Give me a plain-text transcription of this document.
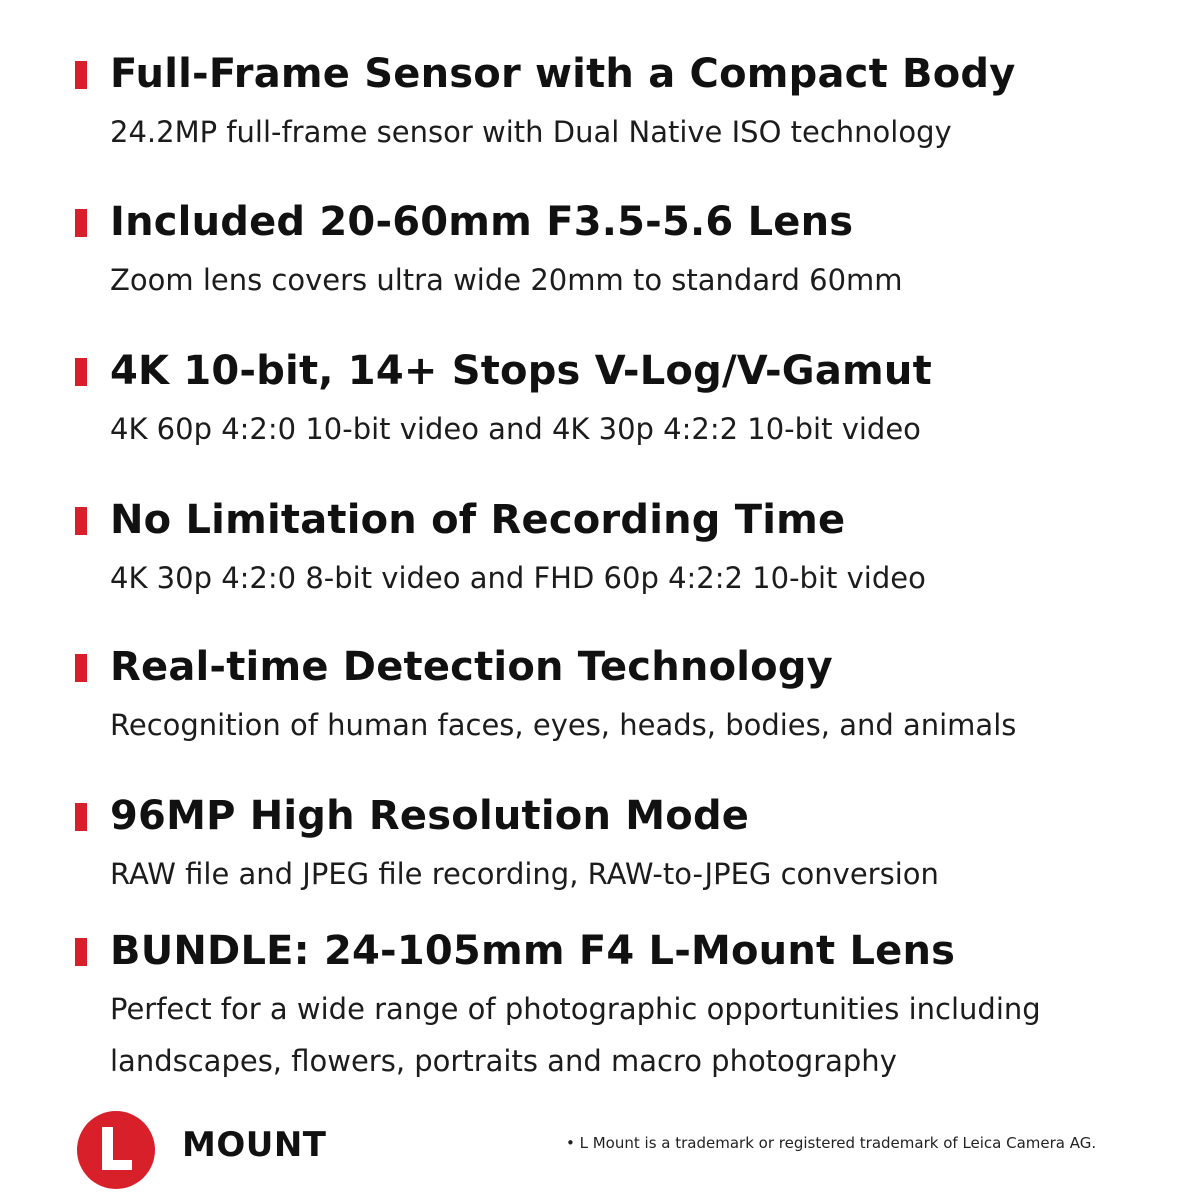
Full-Frame Sensor with a Compact Body

24.2MP full-frame sensor with Dual Native ISO technology

Included 20-60mm F3.5-5.6 Lens

Zoom lens covers ultra wide 20mm to standard 60mm

4K 10-bit, 14+ Stops V-Log/V-Gamut

4K 60p 4:2:0 10-bit video and 4K 30p 4:2:2 10-bit video

No Limitation of Recording Time

4K 30p 4:2:0 8-bit video and FHD 60p 4:2:2 10-bit video

Real-time Detection Technology

Recognition of human faces, eyes, heads, bodies, and animals

96MP High Resolution Mode

RAW file and JPEG file recording, RAW-to-JPEG conversion

BUNDLE: 24-105mm F4 L-Mount Lens

Perfect for a wide range of photographic opportunities including
landscapes, flowers, portraits and macro photography

MOUNT	• L Mount is a trademark or registered trademark of Leica Camera AG.
